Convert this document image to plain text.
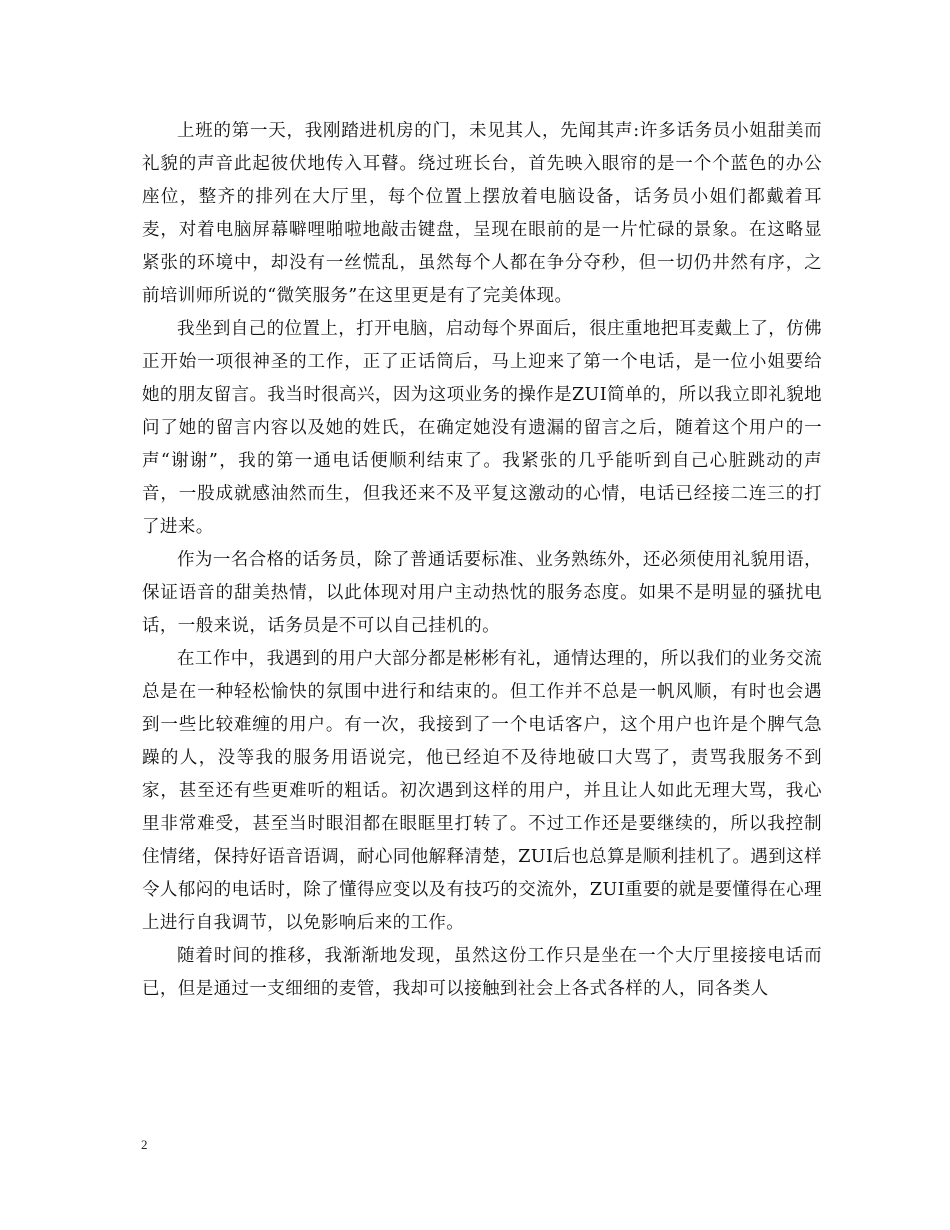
上班的第一天，我刚踏进机房的门，未见其人，先闻其声:许多话务员小姐甜美而礼貌的声音此起彼伏地传入耳瞽。绕过班长台，首先映入眼帘的是一个个蓝色的办公座位，整齐的排列在大厅里，每个位置上摆放着电脑设备，话务员小姐们都戴着耳麦，对着电脑屏幕噼哩啪啦地敲击键盘，呈现在眼前的是一片忙碌的景象。在这略显紧张的环境中，却没有一丝慌乱，虽然每个人都在争分夺秒，但一切仍井然有序，之前培训师所说的“微笑服务”在这里更是有了完美体现。

我坐到自己的位置上，打开电脑，启动每个界面后，很庄重地把耳麦戴上了，仿佛正开始一项很神圣的工作，正了正话筒后，马上迎来了第一个电话，是一位小姐要给她的朋友留言。我当时很高兴，因为这项业务的操作是ZUI简单的，所以我立即礼貌地问了她的留言内容以及她的姓氏，在确定她没有遗漏的留言之后，随着这个用户的一声“谢谢”，我的第一通电话便顺利结束了。我紧张的几乎能听到自己心脏跳动的声音，一股成就感油然而生，但我还来不及平复这激动的心情，电话已经接二连三的打了进来。

作为一名合格的话务员，除了普通话要标准、业务熟练外，还必须使用礼貌用语，保证语音的甜美热情，以此体现对用户主动热忱的服务态度。如果不是明显的骚扰电话，一般来说，话务员是不可以自己挂机的。

在工作中，我遇到的用户大部分都是彬彬有礼，通情达理的，所以我们的业务交流总是在一种轻松愉快的氛围中进行和结束的。但工作并不总是一帆风顺，有时也会遇到一些比较难缠的用户。有一次，我接到了一个电话客户，这个用户也许是个脾气急躁的人，没等我的服务用语说完，他已经迫不及待地破口大骂了，责骂我服务不到家，甚至还有些更难听的粗话。初次遇到这样的用户，并且让人如此无理大骂，我心里非常难受，甚至当时眼泪都在眼眶里打转了。不过工作还是要继续的，所以我控制住情绪，保持好语音语调，耐心同他解释清楚，ZUI后也总算是顺利挂机了。遇到这样令人郁闷的电话时，除了懂得应变以及有技巧的交流外，ZUI重要的就是要懂得在心理上进行自我调节，以免影响后来的工作。

随着时间的推移，我渐渐地发现，虽然这份工作只是坐在一个大厅里接接电话而已，但是通过一支细细的麦管，我却可以接触到社会上各式各样的人，同各类人

2
